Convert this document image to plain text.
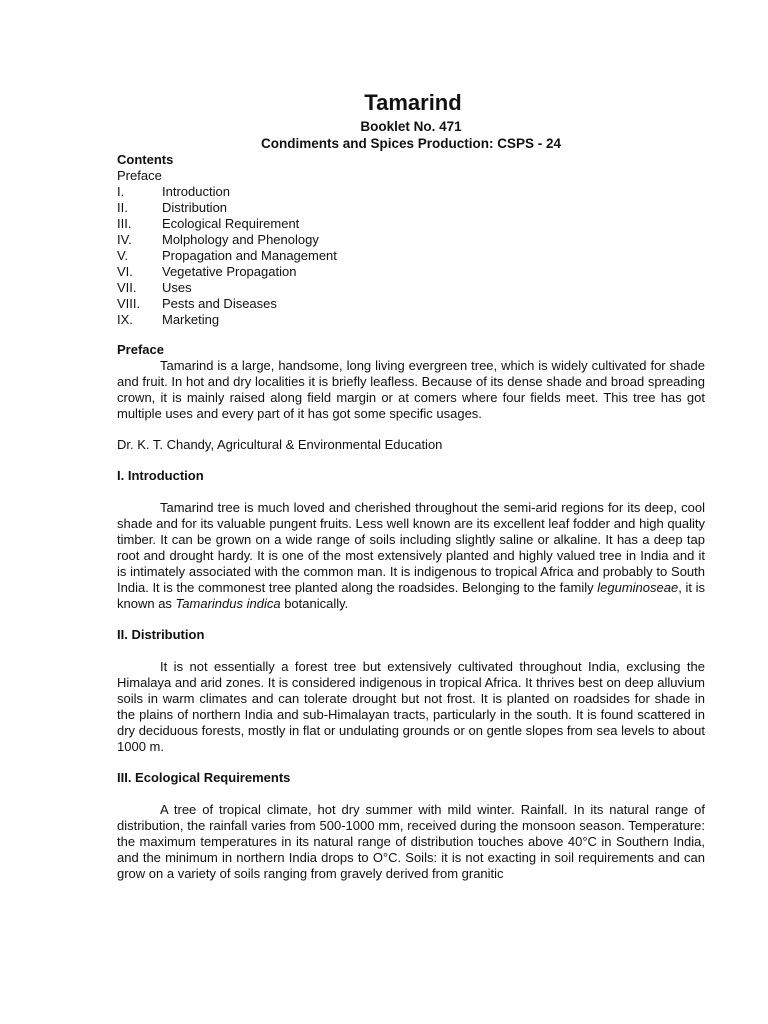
Tamarind
Booklet No. 471
Condiments and Spices Production: CSPS - 24
Contents
Preface
I.	Introduction
II.	Distribution
III.	Ecological Requirement
IV.	Molphology and Phenology
V.	Propagation and Management
VI.	Vegetative Propagation
VII.	Uses
VIII.	Pests and Diseases
IX.	Marketing
Preface

Tamarind is a large, handsome, long living evergreen tree, which is widely cultivated for shade and fruit. In hot and dry localities it is briefly leafless. Because of its dense shade and broad spreading crown, it is mainly raised along field margin or at comers where four fields meet. This tree has got multiple uses and every part of it has got some specific usages.

Dr. K. T. Chandy, Agricultural & Environmental Education
I. Introduction

Tamarind tree is much loved and cherished throughout the semi-arid regions for its deep, cool shade and for its valuable pungent fruits. Less well known are its excellent leaf fodder and high quality timber. It can be grown on a wide range of soils including slightly saline or alkaline. It has a deep tap root and drought hardy. It is one of the most extensively planted and highly valued tree in India and it is intimately associated with the common man. It is indigenous to tropical Africa and probably to South India. It is the commonest tree planted along the roadsides. Belonging to the family leguminoseae, it is known as Tamarindus indica botanically.

II. Distribution

It is not essentially a forest tree but extensively cultivated throughout India, exclusing the Himalaya and arid zones. It is considered indigenous in tropical Africa. It thrives best on deep alluvium soils in warm climates and can tolerate drought but not frost. It is planted on roadsides for shade in the plains of northern India and sub-Himalayan tracts, particularly in the south. It is found scattered in dry deciduous forests, mostly in flat or undulating grounds or on gentle slopes from sea levels to about 1000 m.

III. Ecological Requirements

A tree of tropical climate, hot dry summer with mild winter. Rainfall. In its natural range of distribution, the rainfall varies from 500-1000 mm, received during the monsoon season. Temperature: the maximum temperatures in its natural range of distribution touches above 40°C in Southern India, and the minimum in northern India drops to O°C. Soils: it is not exacting in soil requirements and can grow on a variety of soils ranging from gravely derived from granitic
